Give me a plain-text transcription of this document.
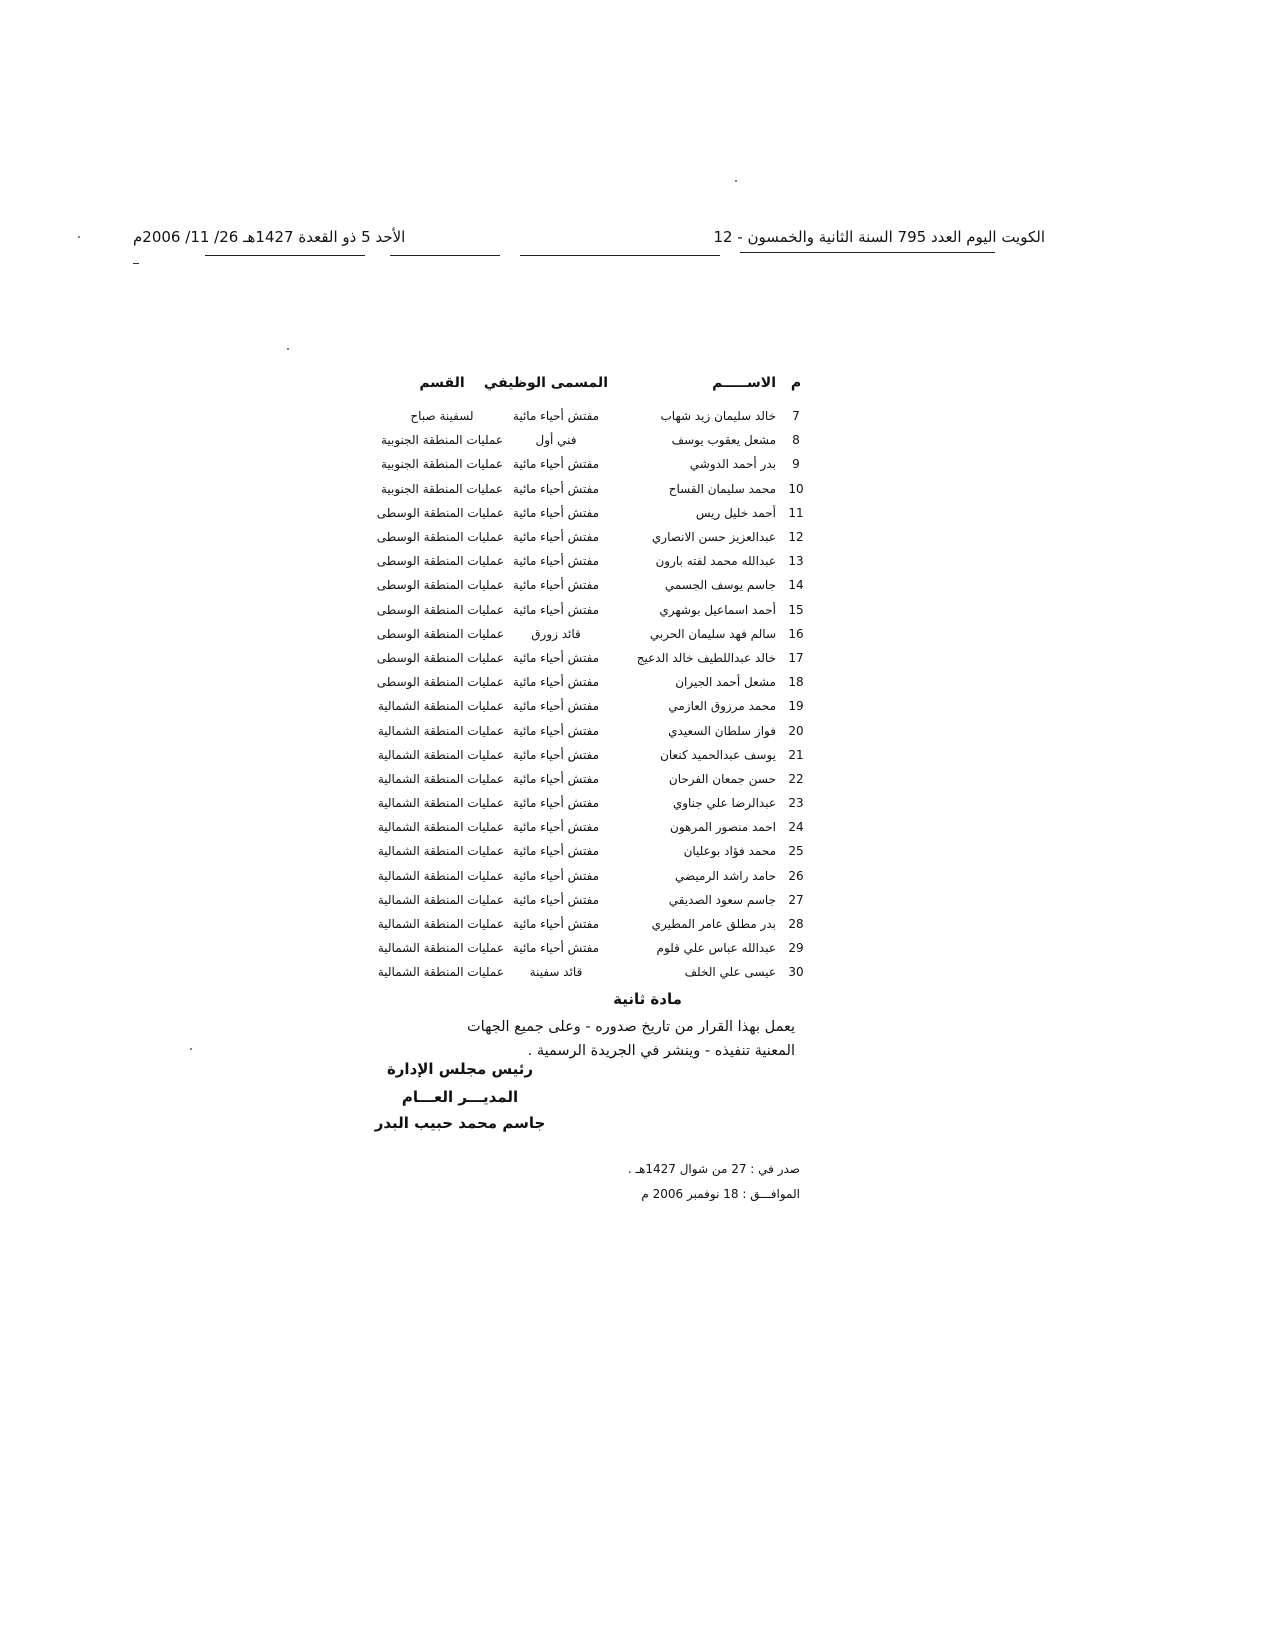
الكويت اليوم العدد 795 السنة الثانية والخمسون - 12
الأحد 5 ذو القعدة 1427هـ 26/ 11/ 2006م
م
الاســـــم
المسمى الوظيفي
القسم
7
خالد سليمان زيد شهاب
مفتش أحياء مائية
لسفينة صباح
8
مشعل يعقوب يوسف
فني أول
عمليات المنطقة الجنوبية
9
بدر أحمد الدوشي
مفتش أحياء مائية
عمليات المنطقة الجنوبية
10
محمد سليمان القساح
مفتش أحياء مائية
عمليات المنطقة الجنوبية
11
أحمد خليل ريس
مفتش أحياء مائية
عمليات المنطقة الوسطى
12
عبدالعزيز حسن الانصاري
مفتش أحياء مائية
عمليات المنطقة الوسطى
13
عبدالله محمد لفته بارون
مفتش أحياء مائية
عمليات المنطقة الوسطى
14
جاسم يوسف الجسمي
مفتش أحياء مائية
عمليات المنطقة الوسطى
15
أحمد اسماعيل بوشهري
مفتش أحياء مائية
عمليات المنطقة الوسطى
16
سالم فهد سليمان الحربي
قائد زورق
عمليات المنطقة الوسطى
17
خالد عبداللطيف خالد الدعيج
مفتش أحياء مائية
عمليات المنطقة الوسطى
18
مشعل أحمد الجيران
مفتش أحياء مائية
عمليات المنطقة الوسطى
19
محمد مرزوق العازمي
مفتش أحياء مائية
عمليات المنطقة الشمالية
20
فواز سلطان السعيدي
مفتش أحياء مائية
عمليات المنطقة الشمالية
21
يوسف عبدالحميد كنعان
مفتش أحياء مائية
عمليات المنطقة الشمالية
22
حسن جمعان الفرحان
مفتش أحياء مائية
عمليات المنطقة الشمالية
23
عبدالرضا علي جناوي
مفتش أحياء مائية
عمليات المنطقة الشمالية
24
احمد منصور المرهون
مفتش أحياء مائية
عمليات المنطقة الشمالية
25
محمد فؤاد بوعليان
مفتش أحياء مائية
عمليات المنطقة الشمالية
26
حامد راشد الرميضي
مفتش أحياء مائية
عمليات المنطقة الشمالية
27
جاسم سعود الصديقي
مفتش أحياء مائية
عمليات المنطقة الشمالية
28
بدر مطلق عامر المطيري
مفتش أحياء مائية
عمليات المنطقة الشمالية
29
عبدالله عباس علي قلوم
مفتش أحياء مائية
عمليات المنطقة الشمالية
30
عيسى علي الخلف
قائد سفينة
عمليات المنطقة الشمالية
مادة ثانية
يعمل بهذا القرار من تاريخ صدوره - وعلى جميع الجهات
المعنية تنفيذه - وينشر في الجريدة الرسمية .
رئيس مجلس الإدارة
المديـــر العـــام
جاسم محمد حبيب البدر
صدر في : 27 من شوال 1427هـ .
الموافـــق : 18 نوفمبر 2006 م
